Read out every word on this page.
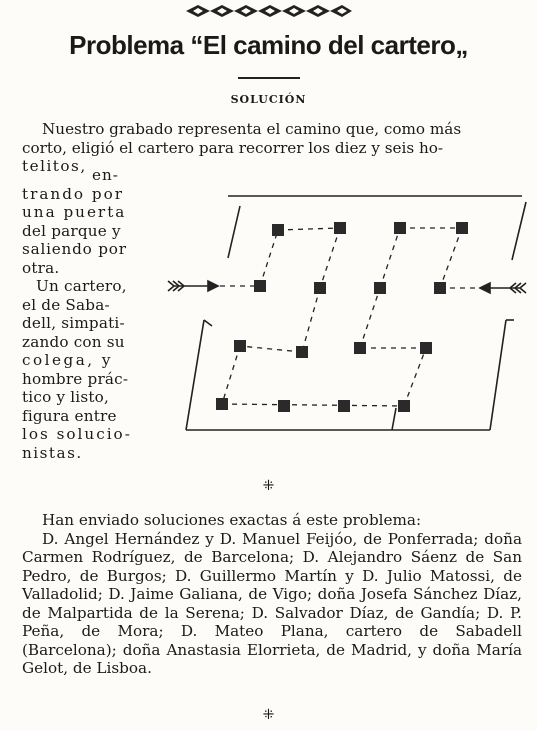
Problema “El camino del cartero„
SOLUCIÓN
Nuestro grabado representa el camino que, como más
corto, eligió el cartero para recorrer los diez y seis ho-
telitos, en-

trando por

una puerta

del parque y

saliendo por

otra.

Un cartero,

el de Saba-

dell, simpati-

zando con su

colega, y

hombre prác-

tico y listo,

figura entre

los solucio-

nistas.

⁜
Han enviado soluciones exactas á este problema:
D. Angel Hernández y D. Manuel Feijóo, de Ponferrada; doña Carmen Rodríguez, de Barcelona; D. Alejandro Sáenz de San Pedro, de Burgos; D. Guillermo Martín y D. Julio Matossi, de Valladolid; D. Jaime Galiana, de Vigo; doña Josefa Sánchez Díaz, de Malpartida de la Serena; D. Salvador Díaz, de Gandía; D. P. Peña, de Mora; D. Mateo Plana, cartero de Sabadell (Barcelona); doña Anastasia Elorrieta, de Madrid, y doña María Gelot, de Lisboa.
⁜
